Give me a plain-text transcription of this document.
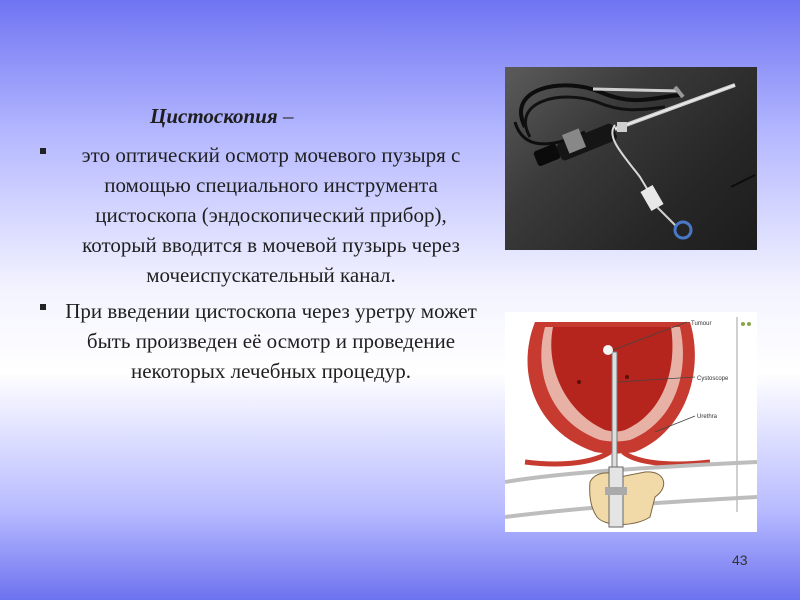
Цистоскопия –
это оптический осмотр мочевого пузыря с помощью специального инструмента цистоскопа (эндоскопический прибор), который вводится в мочевой пузырь через мочеиспускательный канал.
При введении цистоскопа через уретру может быть произведен её осмотр и проведение некоторых лечебных процедур.
Tumour
Cystoscope
Urethra
43
